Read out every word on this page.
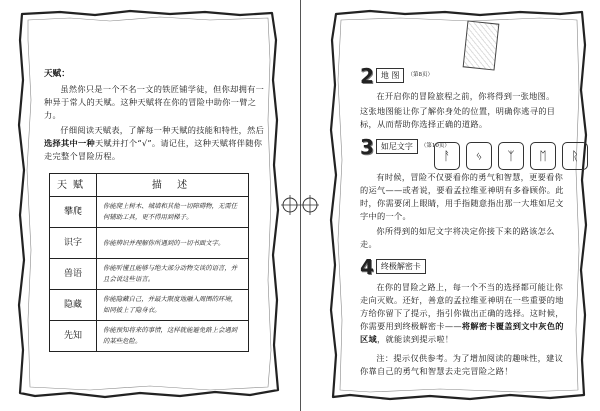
天赋：

虽然你只是一个不名一文的铁匠铺学徒，但你却拥有一种异于常人的天赋。这种天赋将在你的冒险中助你一臂之力。

仔细阅读天赋表，了解每一种天赋的技能和特性，然后选择其中一种天赋并打个“√”。请记住，这种天赋将伴随你走完整个冒险历程。

天赋	描 述
攀爬	你能爬上树木、城墙和其他一切障碍物，无需任何辅助工具，更不得用到梯子。
识字	你能辨识并理解你所遇到的一切书面文字。
兽语	你能听懂且能够与绝大部分动物交谈的语言，并且会说这些语言。
隐藏	你能隐藏自己，并最大限度地融入周围的环境，如同披上了隐身衣。
先知	你能预知将来的事情，这样就能避免路上会遇到的某些危险。
2 地 图	（第8页）

在开启你的冒险旅程之前，你将得到一张地图。

这张地图能让你了解你身处的位置，明确你逃寻的目标，从而帮助你选择正确的道路。

3 如尼文字	（第10页）

有时候，冒险不仅要看你的勇气和智慧，更要看你的运气——或者说，要看孟拉维亚神明有多眷顾你。此时，你需要闭上眼睛，用手指随意指出那一大堆如尼文字中的一个。

你所得到的如尼文字将决定你接下来的路该怎么走。

4 终极解密卡

在你的冒险之路上，每一个不当的选择都可能让你走向灭败。还好，善意的孟拉维亚神明在一些重要的地方给你留下了提示，指引你做出正确的选择。这时候，你需要用到终极解密卡——将解密卡覆盖到文中灰色的区域，就能读到提示啦！

注：提示仅供参考。为了增加阅读的趣味性，建议你靠自己的勇气和智慧去走完冒险之路！

ᚨ	ᛃ	ᛉ	ᛖ	ᚱ
